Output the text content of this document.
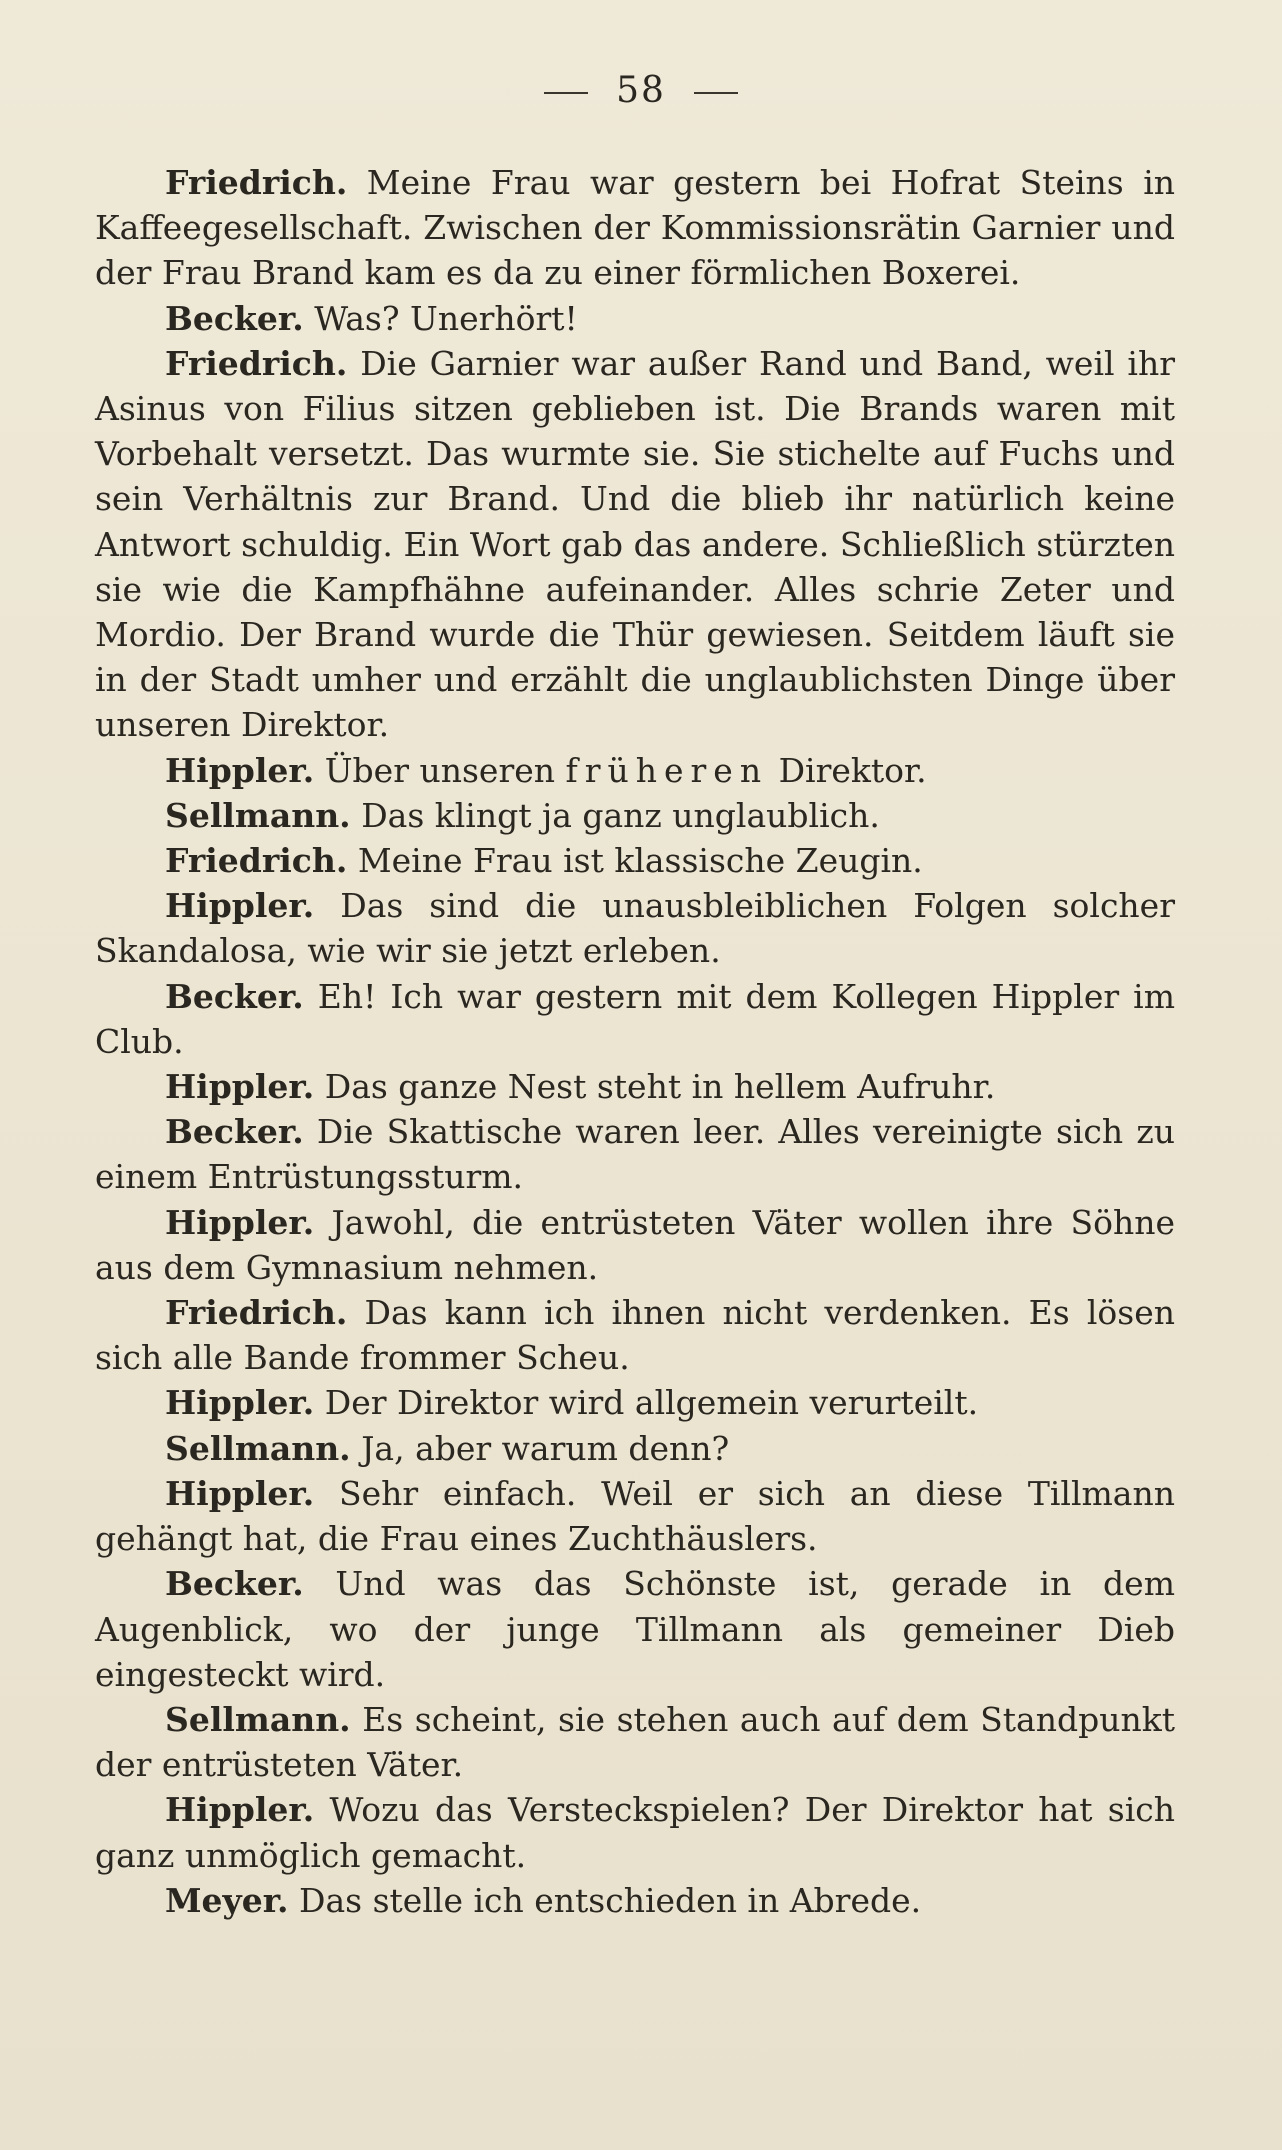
58

Friedrich. Meine Frau war gestern bei Hofrat Steins in Kaffeegesellschaft. Zwischen der Kommissionsrätin Garnier und der Frau Brand kam es da zu einer förmlichen Boxerei.

Becker. Was? Unerhört!

Friedrich. Die Garnier war außer Rand und Band, weil ihr Asinus von Filius sitzen geblieben ist. Die Brands waren mit Vorbehalt versetzt. Das wurmte sie. Sie stichelte auf Fuchs und sein Verhältnis zur Brand. Und die blieb ihr natürlich keine Antwort schuldig. Ein Wort gab das andere. Schließlich stürzten sie wie die Kampfhähne aufeinander. Alles schrie Zeter und Mordio. Der Brand wurde die Thür gewiesen. Seitdem läuft sie in der Stadt umher und erzählt die unglaublichsten Dinge über unseren Direktor.

Hippler. Über unseren früheren Direktor.

Sellmann. Das klingt ja ganz unglaublich.

Friedrich. Meine Frau ist klassische Zeugin.

Hippler. Das sind die unausbleiblichen Folgen solcher Skandalosa, wie wir sie jetzt erleben.

Becker. Eh! Ich war gestern mit dem Kollegen Hippler im Club.

Hippler. Das ganze Nest steht in hellem Aufruhr.

Becker. Die Skattische waren leer. Alles vereinigte sich zu einem Entrüstungssturm.

Hippler. Jawohl, die entrüsteten Väter wollen ihre Söhne aus dem Gymnasium nehmen.

Friedrich. Das kann ich ihnen nicht verdenken. Es lösen sich alle Bande frommer Scheu.

Hippler. Der Direktor wird allgemein verurteilt.

Sellmann. Ja, aber warum denn?

Hippler. Sehr einfach. Weil er sich an diese Tillmann gehängt hat, die Frau eines Zuchthäuslers.

Becker. Und was das Schönste ist, gerade in dem Augenblick, wo der junge Tillmann als gemeiner Dieb eingesteckt wird.

Sellmann. Es scheint, sie stehen auch auf dem Standpunkt der entrüsteten Väter.

Hippler. Wozu das Versteckspielen? Der Direktor hat sich ganz unmöglich gemacht.

Meyer. Das stelle ich entschieden in Abrede.
